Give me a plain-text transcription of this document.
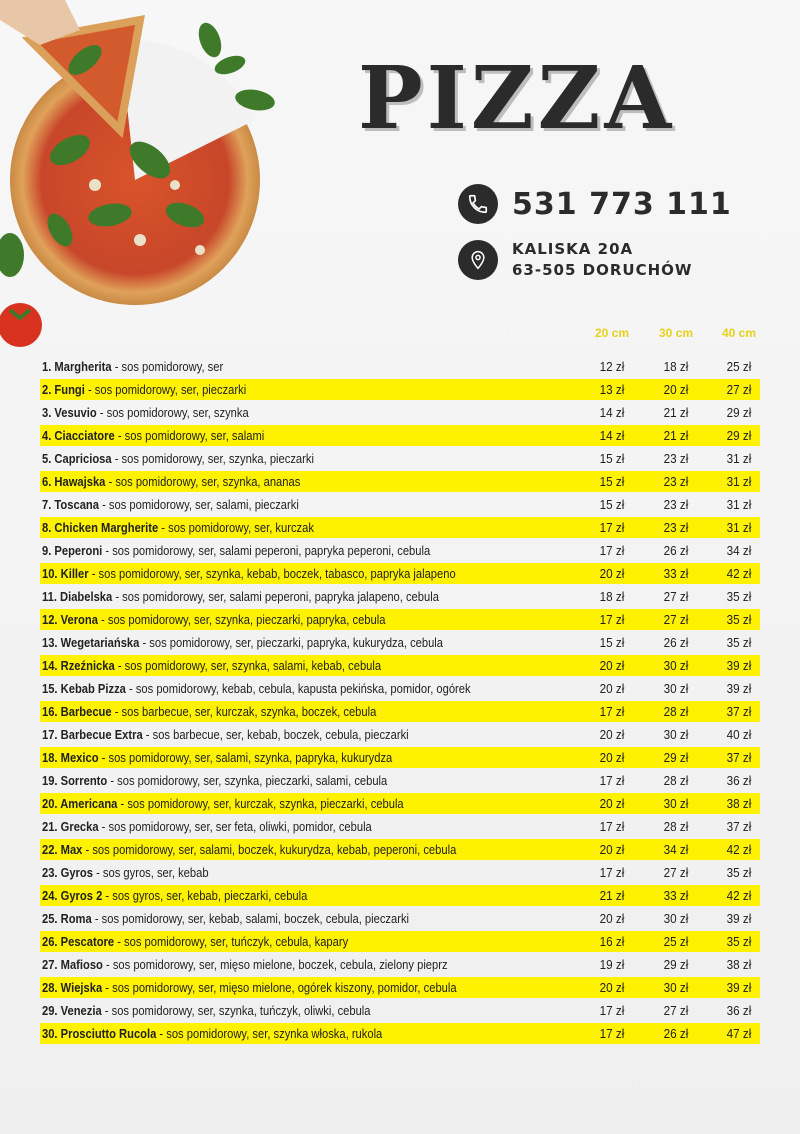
PIZZA
531 773 111
KALISKA 20A
63-505 DORUCHÓW
20 cm	30 cm	40 cm
1. Margherita - sos pomidorowy, ser	12 zł	18 zł	25 zł
2. Fungi - sos pomidorowy, ser, pieczarki	13 zł	20 zł	27 zł
3. Vesuvio - sos pomidorowy, ser, szynka	14 zł	21 zł	29 zł
4. Ciacciatore - sos pomidorowy, ser, salami	14 zł	21 zł	29 zł
5. Capriciosa - sos pomidorowy, ser, szynka, pieczarki	15 zł	23 zł	31 zł
6. Hawajska - sos pomidorowy, ser, szynka, ananas	15 zł	23 zł	31 zł
7. Toscana - sos pomidorowy, ser, salami, pieczarki	15 zł	23 zł	31 zł
8. Chicken Margherite - sos pomidorowy, ser, kurczak	17 zł	23 zł	31 zł
9. Peperoni - sos pomidorowy, ser, salami peperoni, papryka peperoni, cebula	17 zł	26 zł	34 zł
10. Killer - sos pomidorowy, ser, szynka, kebab, boczek, tabasco, papryka jalapeno	20 zł	33 zł	42 zł
11. Diabelska - sos pomidorowy, ser, salami peperoni, papryka jalapeno, cebula	18 zł	27 zł	35 zł
12. Verona - sos pomidorowy, ser, szynka, pieczarki, papryka, cebula	17 zł	27 zł	35 zł
13. Wegetariańska - sos pomidorowy, ser, pieczarki, papryka, kukurydza, cebula	15 zł	26 zł	35 zł
14. Rzeźnicka - sos pomidorowy, ser, szynka, salami, kebab, cebula	20 zł	30 zł	39 zł
15. Kebab Pizza - sos pomidorowy, kebab, cebula, kapusta pekińska, pomidor, ogórek	20 zł	30 zł	39 zł
16. Barbecue - sos barbecue, ser, kurczak, szynka, boczek, cebula	17 zł	28 zł	37 zł
17. Barbecue Extra - sos barbecue, ser, kebab, boczek, cebula, pieczarki	20 zł	30 zł	40 zł
18. Mexico - sos pomidorowy, ser, salami, szynka, papryka, kukurydza	20 zł	29 zł	37 zł
19. Sorrento - sos pomidorowy, ser, szynka, pieczarki, salami, cebula	17 zł	28 zł	36 zł
20. Americana - sos pomidorowy, ser, kurczak, szynka, pieczarki, cebula	20 zł	30 zł	38 zł
21. Grecka - sos pomidorowy, ser, ser feta, oliwki, pomidor, cebula	17 zł	28 zł	37 zł
22. Max - sos pomidorowy, ser, salami, boczek, kukurydza, kebab, peperoni, cebula	20 zł	34 zł	42 zł
23. Gyros - sos gyros, ser, kebab	17 zł	27 zł	35 zł
24. Gyros 2 - sos gyros, ser, kebab, pieczarki, cebula	21 zł	33 zł	42 zł
25. Roma - sos pomidorowy, ser, kebab, salami, boczek, cebula, pieczarki	20 zł	30 zł	39 zł
26. Pescatore - sos pomidorowy, ser, tuńczyk, cebula, kapary	16 zł	25 zł	35 zł
27. Mafioso - sos pomidorowy, ser, mięso mielone, boczek, cebula, zielony pieprz	19 zł	29 zł	38 zł
28. Wiejska - sos pomidorowy, ser, mięso mielone, ogórek kiszony, pomidor, cebula	20 zł	30 zł	39 zł
29. Venezia - sos pomidorowy, ser, szynka, tuńczyk, oliwki, cebula	17 zł	27 zł	36 zł
30. Prosciutto Rucola - sos pomidorowy, ser, szynka włoska, rukola	17 zł	26 zł	47 zł
